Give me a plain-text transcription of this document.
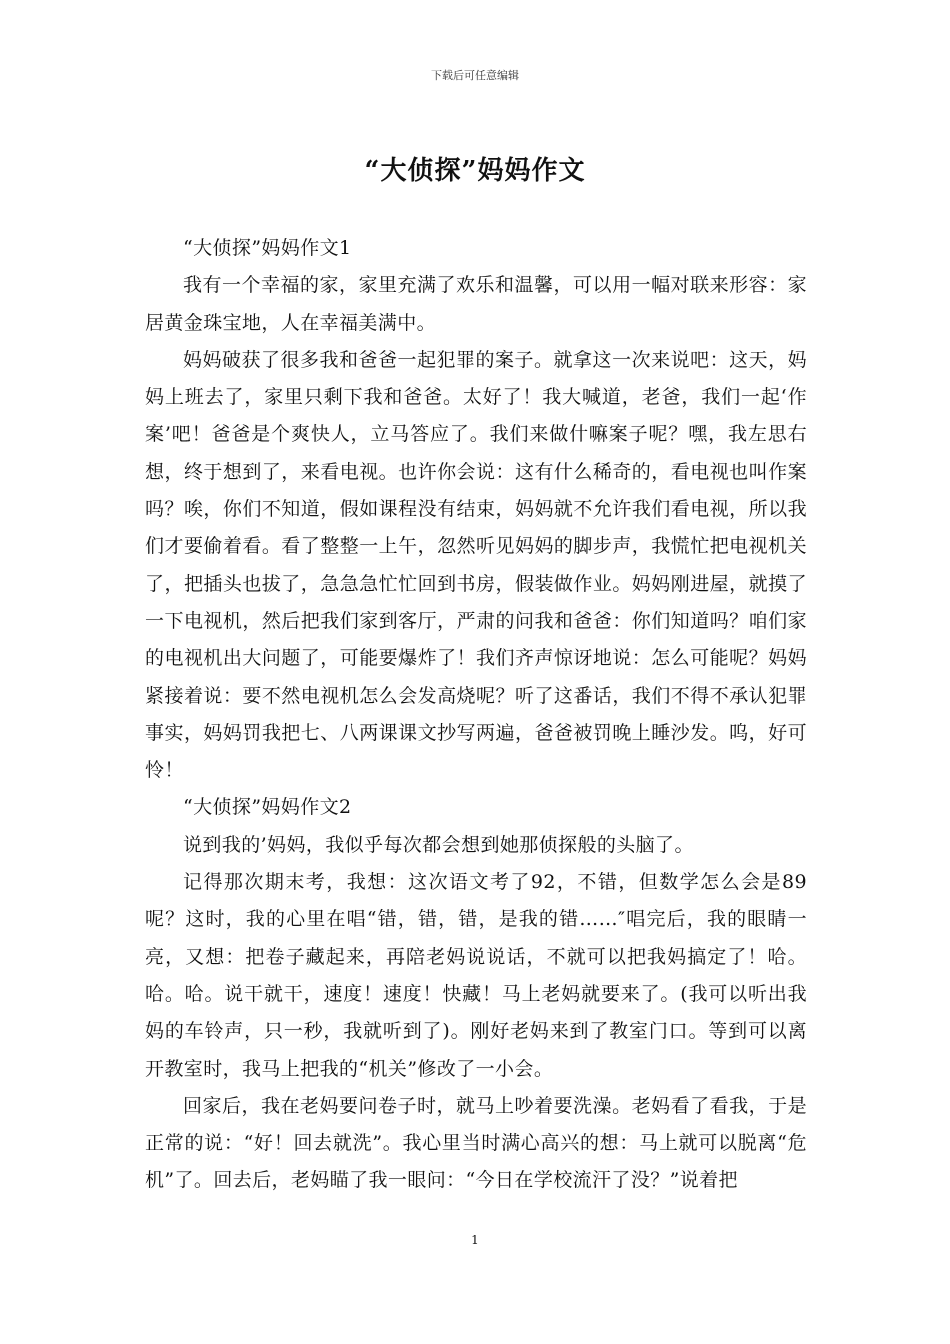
下载后可任意编辑
“大侦探”妈妈作文

“大侦探”妈妈作文1

我有一个幸福的家，家里充满了欢乐和温馨，可以用一幅对联来形容：家居黄金珠宝地，人在幸福美满中。

妈妈破获了很多我和爸爸一起犯罪的案子。就拿这一次来说吧：这天，妈妈上班去了，家里只剩下我和爸爸。太好了！我大喊道，老爸，我们一起‘作案’吧！爸爸是个爽快人，立马答应了。我们来做什嘛案子呢？嘿，我左思右想，终于想到了，来看电视。也许你会说：这有什么稀奇的，看电视也叫作案吗？唉，你们不知道，假如课程没有结束，妈妈就不允许我们看电视，所以我们才要偷着看。看了整整一上午，忽然听见妈妈的脚步声，我慌忙把电视机关了，把插头也拔了，急急急忙忙回到书房，假装做作业。妈妈刚进屋，就摸了一下电视机，然后把我们家到客厅，严肃的问我和爸爸：你们知道吗？咱们家的电视机出大问题了，可能要爆炸了！我们齐声惊讶地说：怎么可能呢？妈妈紧接着说：要不然电视机怎么会发高烧呢？听了这番话，我们不得不承认犯罪事实，妈妈罚我把七、八两课课文抄写两遍，爸爸被罚晚上睡沙发。呜，好可怜！

“大侦探”妈妈作文2

说到我的’妈妈，我似乎每次都会想到她那侦探般的头脑了。

记得那次期末考，我想：这次语文考了92，不错，但数学怎么会是89呢？这时，我的心里在唱“错，错，错，是我的错……″唱完后，我的眼睛一亮，又想：把卷子藏起来，再陪老妈说说话，不就可以把我妈搞定了！哈。哈。哈。说干就干，速度！速度！快藏！马上老妈就要来了。(我可以听出我妈的车铃声，只一秒，我就听到了)。刚好老妈来到了教室门口。等到可以离开教室时，我马上把我的“机关”修改了一小会。

回家后，我在老妈要问卷子时，就马上吵着要洗澡。老妈看了看我，于是正常的说：“好！回去就洗”。我心里当时满心高兴的想：马上就可以脱离“危机”了。回去后，老妈瞄了我一眼问：“今日在学校流汗了没？”说着把

1
